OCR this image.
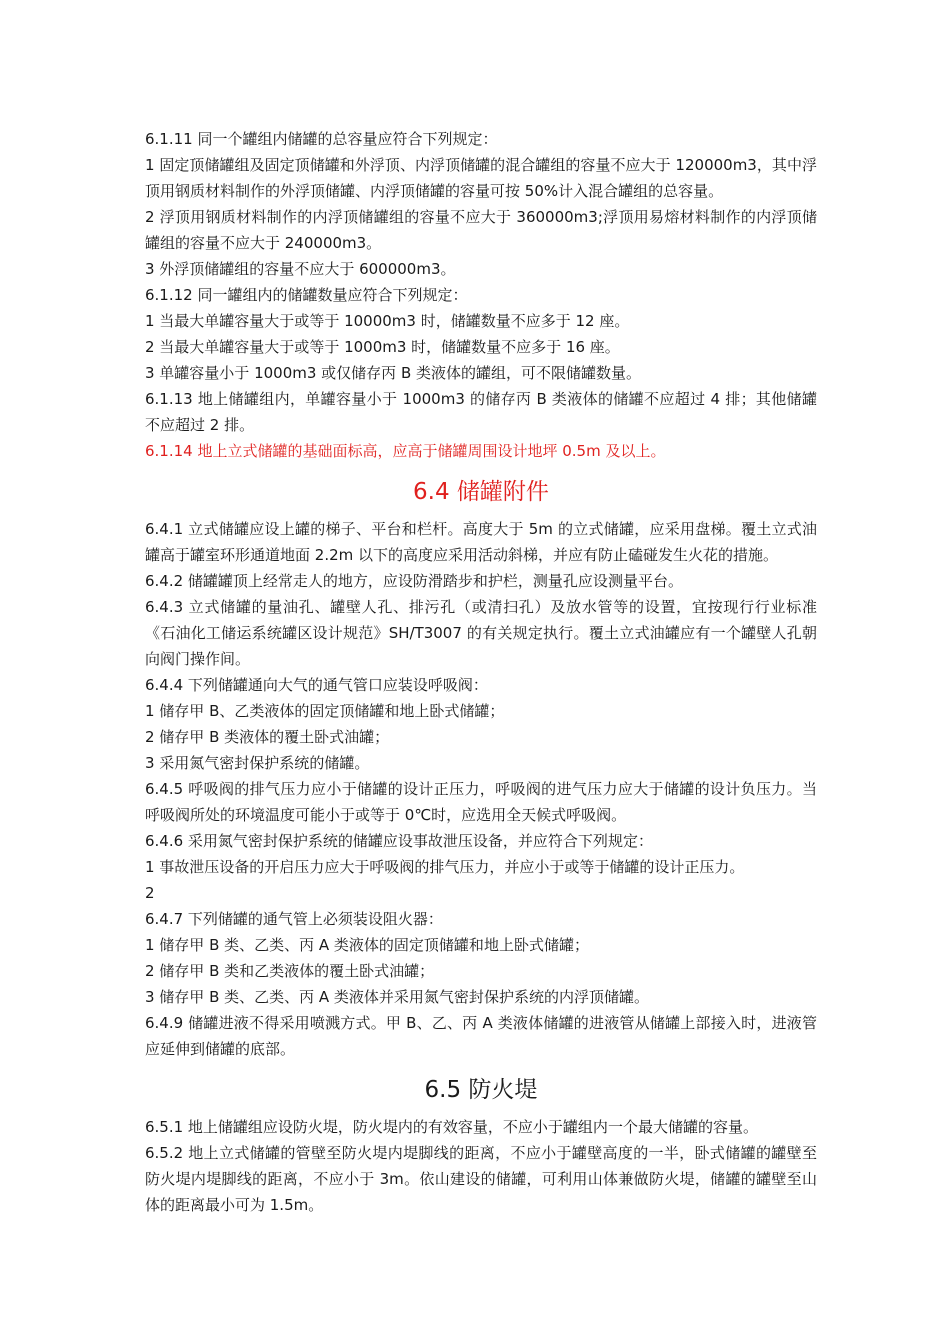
6.1.11 同一个罐组内储罐的总容量应符合下列规定：

1 固定顶储罐组及固定顶储罐和外浮顶、内浮顶储罐的混合罐组的容量不应大于 120000m3，其中浮顶用钢质材料制作的外浮顶储罐、内浮顶储罐的容量可按 50%计入混合罐组的总容量。

2 浮顶用钢质材料制作的内浮顶储罐组的容量不应大于 360000m3;浮顶用易熔材料制作的内浮顶储罐组的容量不应大于 240000m3。

3 外浮顶储罐组的容量不应大于 600000m3。

6.1.12 同一罐组内的储罐数量应符合下列规定：

1 当最大单罐容量大于或等于 10000m3 时，储罐数量不应多于 12 座。

2 当最大单罐容量大于或等于 1000m3 时，储罐数量不应多于 16 座。

3 单罐容量小于 1000m3 或仅储存丙 B 类液体的罐组，可不限储罐数量。

6.1.13 地上储罐组内，单罐容量小于 1000m3 的储存丙 B 类液体的储罐不应超过 4 排；其他储罐不应超过 2 排。

6.1.14 地上立式储罐的基础面标高，应高于储罐周围设计地坪 0.5m 及以上。

6.4 储罐附件

6.4.1 立式储罐应设上罐的梯子、平台和栏杆。高度大于 5m 的立式储罐，应采用盘梯。覆土立式油罐高于罐室环形通道地面 2.2m 以下的高度应采用活动斜梯，并应有防止磕碰发生火花的措施。

6.4.2 储罐罐顶上经常走人的地方，应设防滑踏步和护栏，测量孔应设测量平台。

6.4.3 立式储罐的量油孔、罐壁人孔、排污孔（或清扫孔）及放水管等的设置，宜按现行行业标准《石油化工储运系统罐区设计规范》SH/T3007 的有关规定执行。覆土立式油罐应有一个罐壁人孔朝向阀门操作间。

6.4.4 下列储罐通向大气的通气管口应装设呼吸阀：

1 储存甲 B、乙类液体的固定顶储罐和地上卧式储罐；

2 储存甲 B 类液体的覆土卧式油罐；

3 采用氮气密封保护系统的储罐。

6.4.5 呼吸阀的排气压力应小于储罐的设计正压力，呼吸阀的进气压力应大于储罐的设计负压力。当呼吸阀所处的环境温度可能小于或等于 0℃时，应选用全天候式呼吸阀。

6.4.6 采用氮气密封保护系统的储罐应设事故泄压设备，并应符合下列规定：

1 事故泄压设备的开启压力应大于呼吸阀的排气压力，并应小于或等于储罐的设计正压力。

2

6.4.7 下列储罐的通气管上必须装设阻火器：

1 储存甲 B 类、乙类、丙 A 类液体的固定顶储罐和地上卧式储罐；

2 储存甲 B 类和乙类液体的覆土卧式油罐；

3 储存甲 B 类、乙类、丙 A 类液体并采用氮气密封保护系统的内浮顶储罐。

6.4.9 储罐进液不得采用喷溅方式。甲 B、乙、丙 A 类液体储罐的进液管从储罐上部接入时，进液管应延伸到储罐的底部。

6.5 防火堤

6.5.1 地上储罐组应设防火堤，防火堤内的有效容量，不应小于罐组内一个最大储罐的容量。

6.5.2 地上立式储罐的管壁至防火堤内堤脚线的距离，不应小于罐壁高度的一半，卧式储罐的罐壁至防火堤内堤脚线的距离，不应小于 3m。依山建设的储罐，可利用山体兼做防火堤，储罐的罐壁至山体的距离最小可为 1.5m。
